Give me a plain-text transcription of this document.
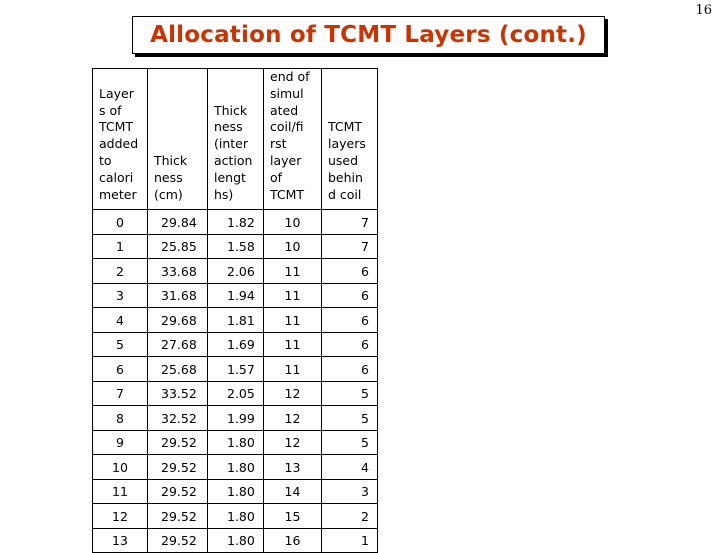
16
Allocation of TCMT Layers (cont.)
Layer s of TCMT added to calori meter	Thick ness (cm)	Thick ness (inter action lengt hs)	end of simul ated coil/fi rst layer of TCMT	TCMT layers used behin d coil
0	29.84	1.82	10	7
1	25.85	1.58	10	7
2	33.68	2.06	11	6
3	31.68	1.94	11	6
4	29.68	1.81	11	6
5	27.68	1.69	11	6
6	25.68	1.57	11	6
7	33.52	2.05	12	5
8	32.52	1.99	12	5
9	29.52	1.80	12	5
10	29.52	1.80	13	4
11	29.52	1.80	14	3
12	29.52	1.80	15	2
13	29.52	1.80	16	1
